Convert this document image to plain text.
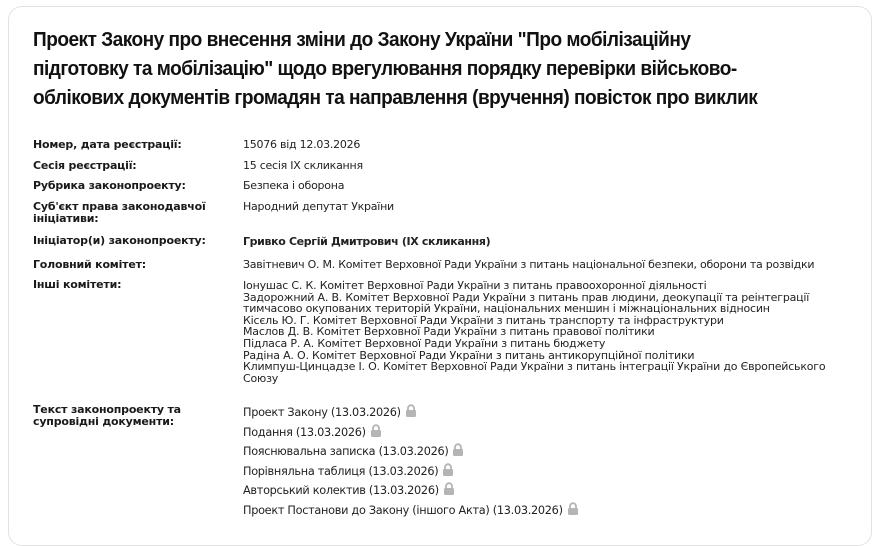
Проект Закону про внесення зміни до Закону України "Про мобілізаційну
підготовку та мобілізацію" щодо врегулювання порядку перевірки військово-
облікових документів громадян та направлення (вручення) повісток про виклик
Номер, дата реєстрації:	15076 від 12.03.2026
Сесія реєстрації:	15 сесія IX скликання
Рубрика законопроекту:	Безпека і оборона
Суб'єкт права законодавчої ініціативи:
Народний депутат України
Ініціатор(и) законопроекту:	Гривко Сергій Дмитрович (IX скликання)
Головний комітет:	Завітневич О. М. Комітет Верховної Ради України з питань національної безпеки, оборони та розвідки
Інші комітети:	Іонушас С. К. Комітет Верховної Ради України з питань правоохоронної діяльності
Задорожний А. В. Комітет Верховної Ради України з питань прав людини, деокупації та реінтеграції
тимчасово окупованих територій України, національних меншин і міжнаціональних відносин
Кісєль Ю. Г. Комітет Верховної Ради України з питань транспорту та інфраструктури
Маслов Д. В. Комітет Верховної Ради України з питань правової політики
Підласа Р. А. Комітет Верховної Ради України з питань бюджету
Радіна А. О. Комітет Верховної Ради України з питань антикорупційної політики
Климпуш-Цинцадзе І. О. Комітет Верховної Ради України з питань інтеграції України до Європейського
Союзу
Текст законопроекту та супровідні документи:
Проект Закону (13.03.2026)
Подання (13.03.2026)
Пояснювальна записка (13.03.2026)
Порівняльна таблиця (13.03.2026)
Авторський колектив (13.03.2026)
Проект Постанови до Закону (іншого Акта) (13.03.2026)
